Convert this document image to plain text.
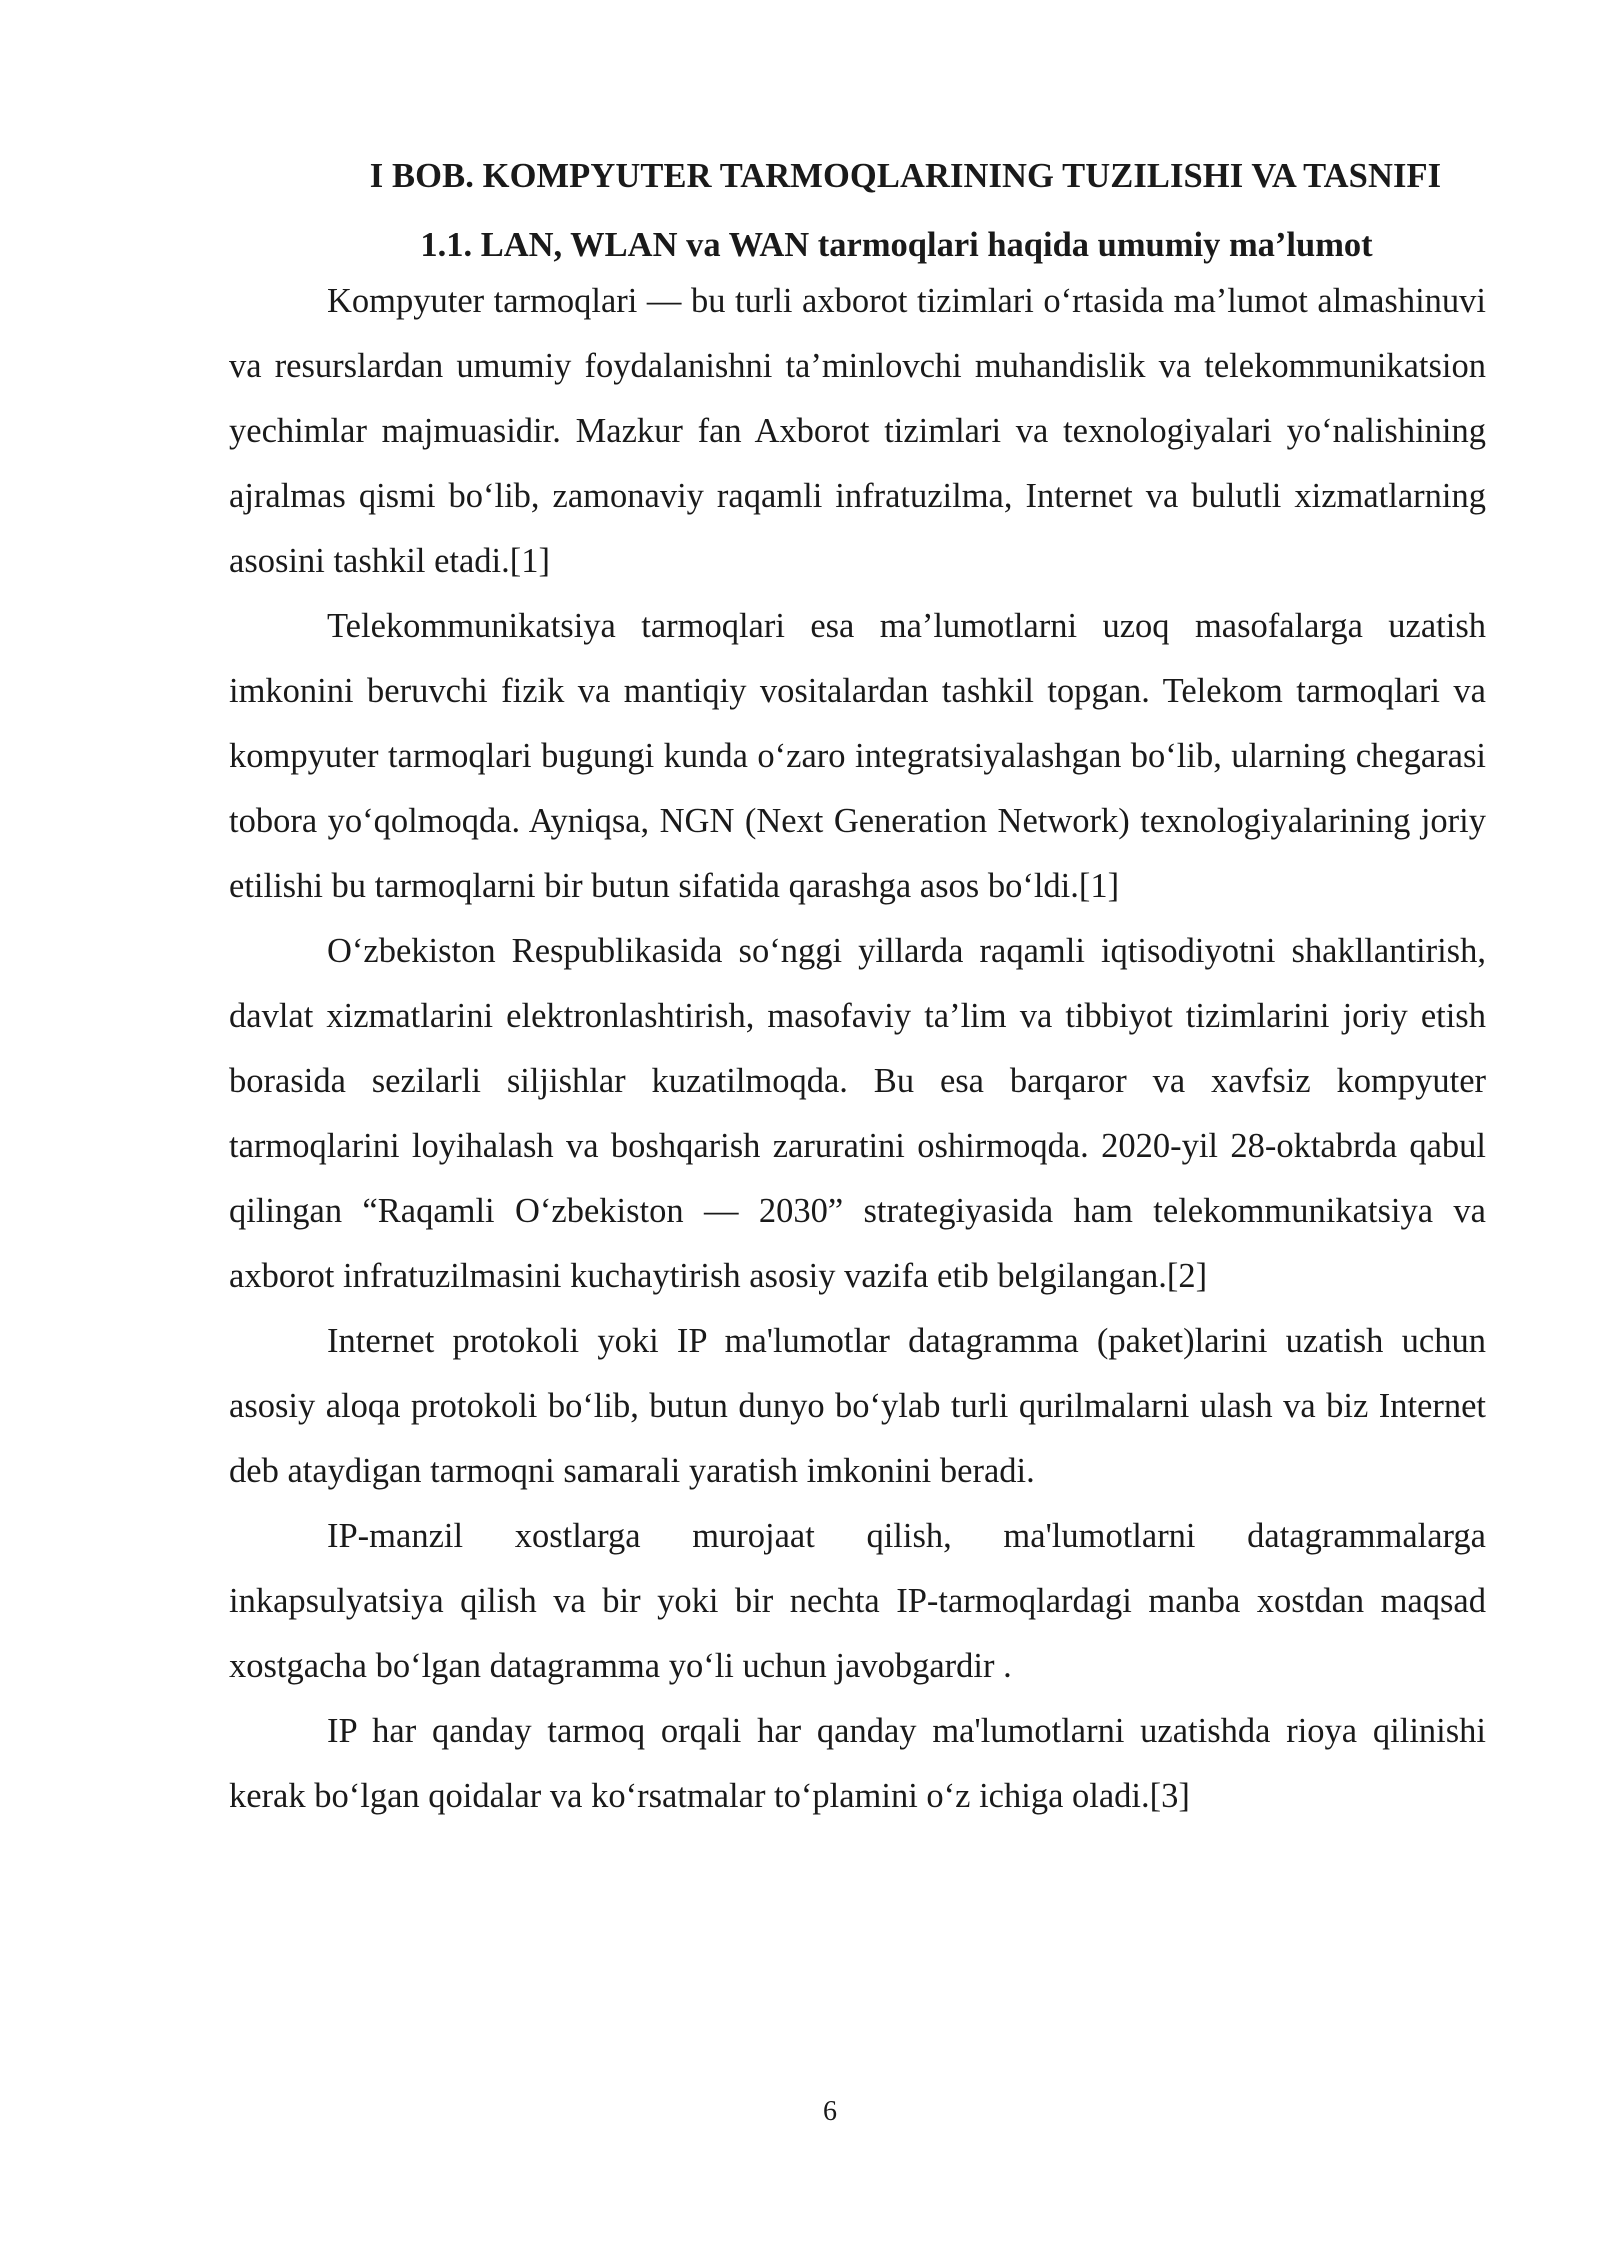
I BOB. KOMPYUTER TARMOQLARINING TUZILISHI VA TASNIFI
1.1. LAN, WLAN va WAN tarmoqlari haqida umumiy ma’lumot

Kompyuter tarmoqlari — bu turli axborot tizimlari oʻrtasida ma’lumot almashinuvi va resurslardan umumiy foydalanishni ta’minlovchi muhandislik va telekommunikatsion yechimlar majmuasidir. Mazkur fan Axborot tizimlari va texnologiyalari yoʻnalishining ajralmas qismi boʻlib, zamonaviy raqamli infratuzilma, Internet va bulutli xizmatlarning asosini tashkil etadi.[1]

Telekommunikatsiya tarmoqlari esa ma’lumotlarni uzoq masofalarga uzatish imkonini beruvchi fizik va mantiqiy vositalardan tashkil topgan. Telekom tarmoqlari va kompyuter tarmoqlari bugungi kunda oʻzaro integratsiyalashgan boʻlib, ularning chegarasi tobora yoʻqolmoqda. Ayniqsa, NGN (Next Generation Network) texnologiyalarining joriy etilishi bu tarmoqlarni bir butun sifatida qarashga asos boʻldi.[1]

Oʻzbekiston Respublikasida soʻnggi yillarda raqamli iqtisodiyotni shakllantirish, davlat xizmatlarini elektronlashtirish, masofaviy ta’lim va tibbiyot tizimlarini joriy etish borasida sezilarli siljishlar kuzatilmoqda. Bu esa barqaror va xavfsiz kompyuter tarmoqlarini loyihalash va boshqarish zaruratini oshirmoqda. 2020-yil 28-oktabrda qabul qilingan “Raqamli Oʻzbekiston — 2030” strategiyasida ham telekommunikatsiya va axborot infratuzilmasini kuchaytirish asosiy vazifa etib belgilangan.[2]

Internet protokoli yoki IP ma'lumotlar datagramma (paket)larini uzatish uchun asosiy aloqa protokoli boʻlib, butun dunyo boʻylab turli qurilmalarni ulash va biz Internet deb ataydigan tarmoqni samarali yaratish imkonini beradi.

IP-manzil xostlarga murojaat qilish, ma'lumotlarni datagrammalarga inkapsulyatsiya qilish va bir yoki bir nechta IP-tarmoqlardagi manba xostdan maqsad xostgacha boʻlgan datagramma yoʻli uchun javobgardir .

IP har qanday tarmoq orqali har qanday ma'lumotlarni uzatishda rioya qilinishi kerak boʻlgan qoidalar va koʻrsatmalar toʻplamini oʻz ichiga oladi.[3]

6
